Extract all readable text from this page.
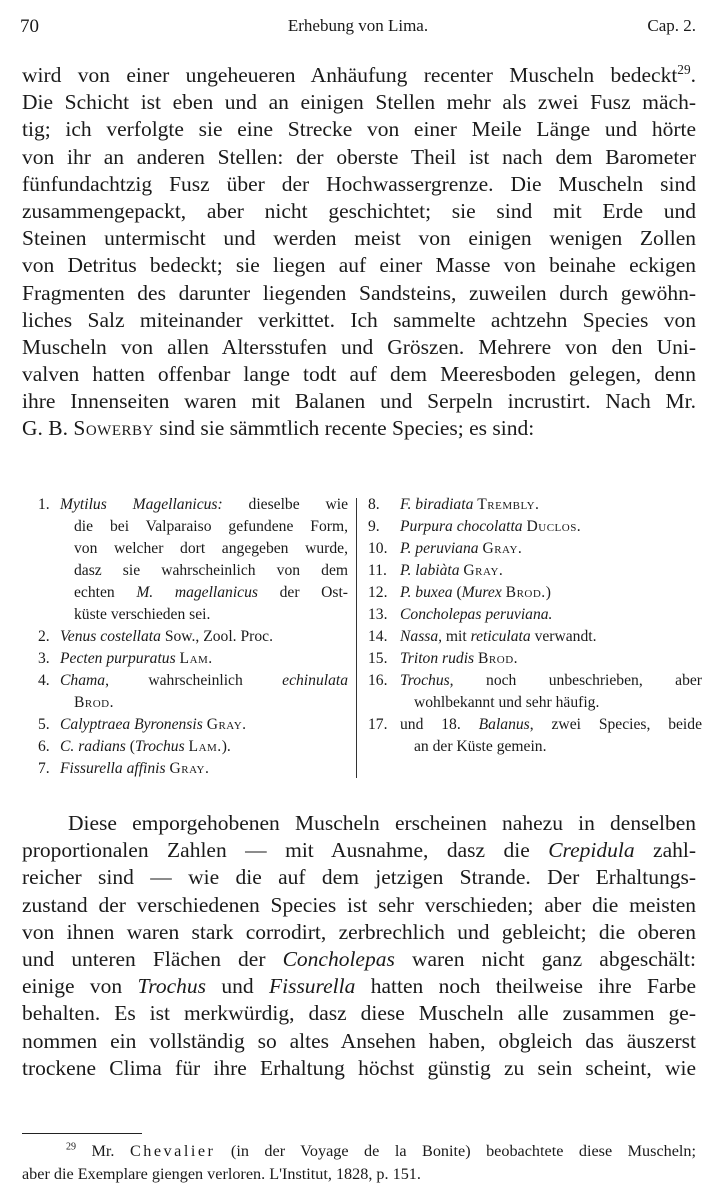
70	Erhebung von Lima.	Cap. 2.
wird von einer ungeheueren Anhäufung recenter Muscheln bedeckt$^{29}$.
Die Schicht ist eben und an einigen Stellen mehr als zwei Fusz mäch-
tig; ich verfolgte sie eine Strecke von einer Meile Länge und hörte
von ihr an anderen Stellen: der oberste Theil ist nach dem Barometer
fünfundachtzig Fusz über der Hochwassergrenze. Die Muscheln sind
zusammengepackt, aber nicht geschichtet; sie sind mit Erde und
Steinen untermischt und werden meist von einigen wenigen Zollen
von Detritus bedeckt; sie liegen auf einer Masse von beinahe eckigen
Fragmenten des darunter liegenden Sandsteins, zuweilen durch gewöhn-
liches Salz miteinander verkittet. Ich sammelte achtzehn Species von
Muscheln von allen Altersstufen und Gröszen. Mehrere von den Uni-
valven hatten offenbar lange todt auf dem Meeresboden gelegen, denn
ihre Innenseiten waren mit Balanen und Serpeln incrustirt. Nach Mr.
G. B. Sowerby sind sie sämmtlich recente Species; es sind:
1. Mytilus Magellanicus: dieselbe wie
die bei Valparaiso gefundene Form,
von welcher dort angegeben wurde,
dasz sie wahrscheinlich von dem
echten M. magellanicus der Ost-
küste verschieden sei.
2. Venus costellata Sow., Zool. Proc.
3. Pecten purpuratus Lam.
4. Chama, wahrscheinlich echinulata
Brod.
5. Calyptraea Byronensis Gray.
6. C. radians (Trochus Lam.).
7. Fissurella affinis Gray.
8. F. biradiata Trembly.
9. Purpura chocolatta Duclos.
10. P. peruviana Gray.
11. P. labiàta Gray.
12. P. buxea (Murex Brod.)
13. Concholepas peruviana.
14. Nassa, mit reticulata verwandt.
15. Triton rudis Brod.
16. Trochus, noch unbeschrieben, aber
wohlbekannt und sehr häufig.
17. und 18. Balanus, zwei Species, beide
an der Küste gemein.
Diese emporgehobenen Muscheln erscheinen nahezu in denselben
proportionalen Zahlen — mit Ausnahme, dasz die Crepidula zahl-
reicher sind — wie die auf dem jetzigen Strande. Der Erhaltungs-
zustand der verschiedenen Species ist sehr verschieden; aber die meisten
von ihnen waren stark corrodirt, zerbrechlich und gebleicht; die oberen
und unteren Flächen der Concholepas waren nicht ganz abgeschält:
einige von Trochus und Fissurella hatten noch theilweise ihre Farbe
behalten. Es ist merkwürdig, dasz diese Muscheln alle zusammen ge-
nommen ein vollständig so altes Ansehen haben, obgleich das äuszerst
trockene Clima für ihre Erhaltung höchst günstig zu sein scheint, wie
$^{29}$ Mr. Chevalier (in der Voyage de la Bonite) beobachtete diese Muscheln;
aber die Exemplare giengen verloren. L'Institut, 1828, p. 151.
